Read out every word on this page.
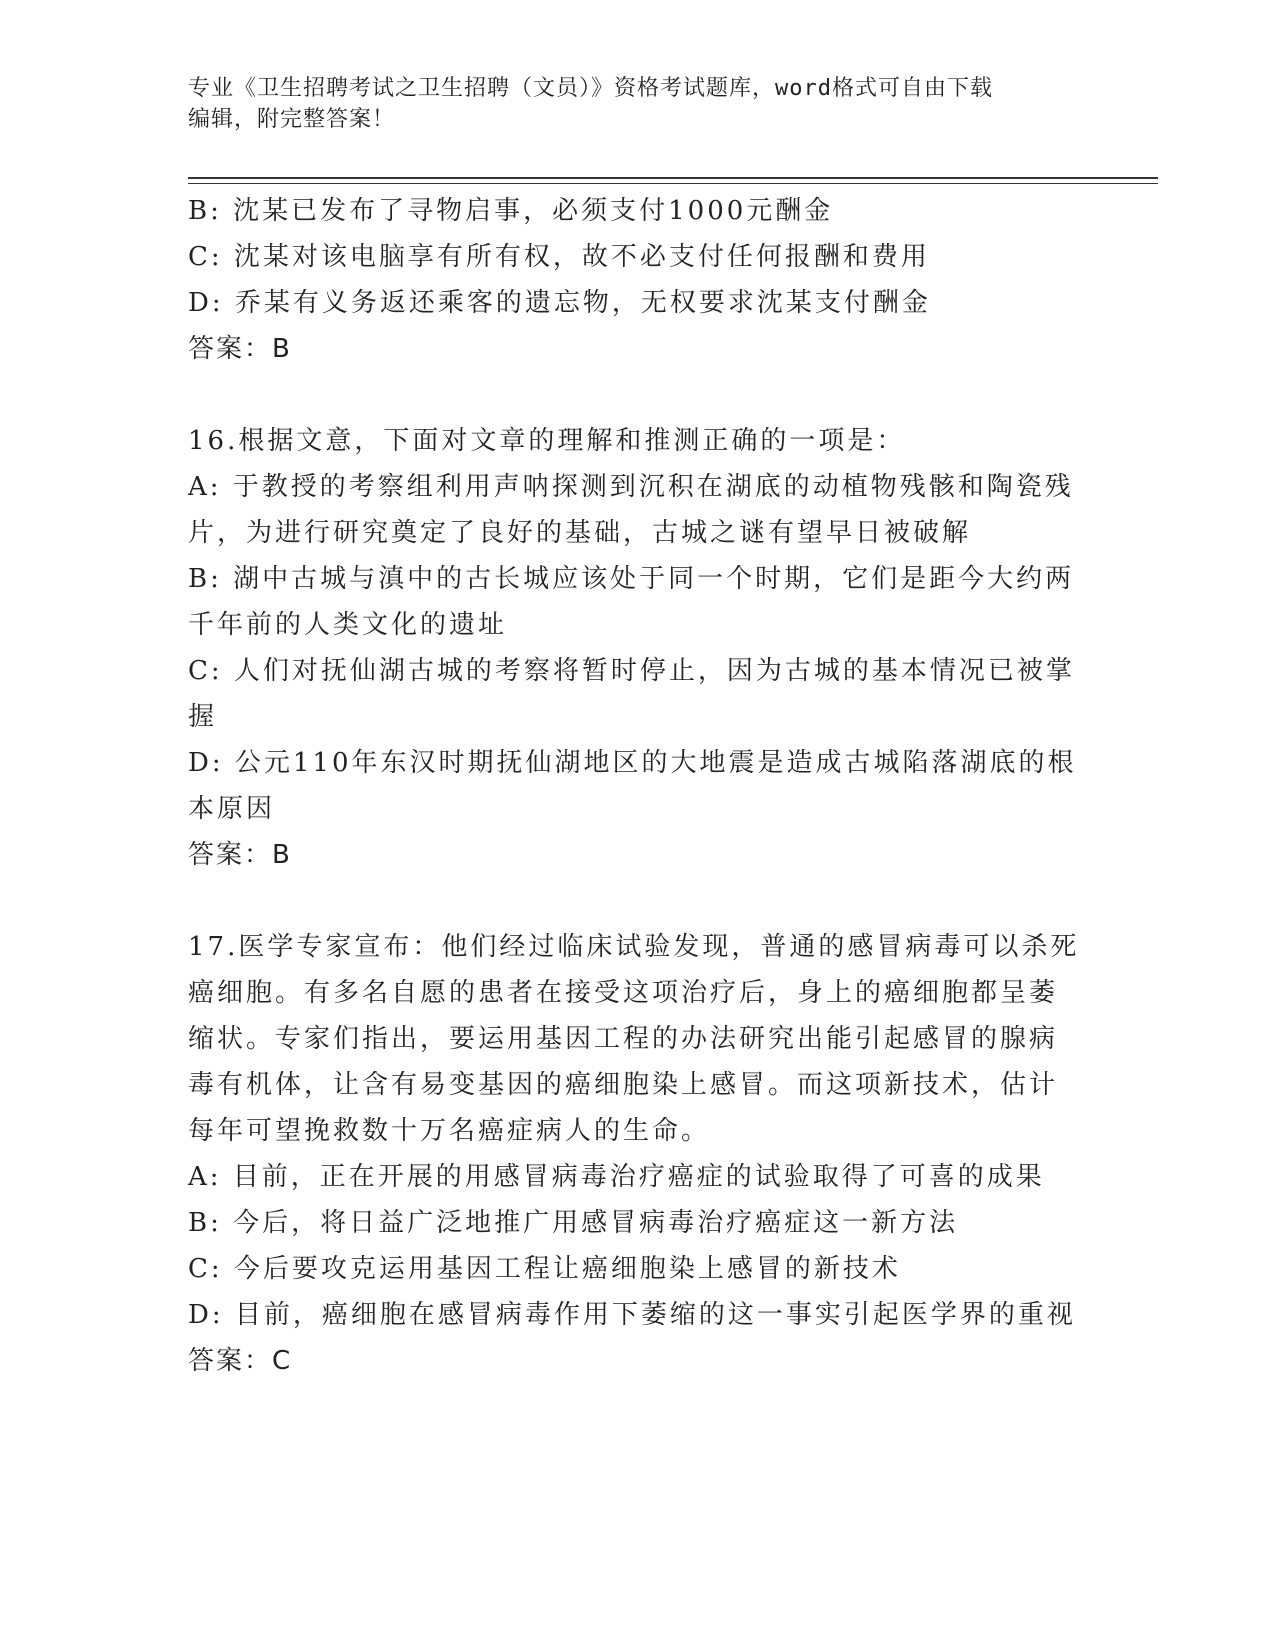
专业《卫生招聘考试之卫生招聘（文员）》资格考试题库，word格式可自由下载
编辑，附完整答案！
B: 沈某已发布了寻物启事，必须支付1000元酬金
C: 沈某对该电脑享有所有权，故不必支付任何报酬和费用
D: 乔某有义务返还乘客的遗忘物，无权要求沈某支付酬金
答案：B
16.根据文意，下面对文章的理解和推测正确的一项是：
A: 于教授的考察组利用声呐探测到沉积在湖底的动植物残骸和陶瓷残
片，为进行研究奠定了良好的基础，古城之谜有望早日被破解
B: 湖中古城与滇中的古长城应该处于同一个时期，它们是距今大约两
千年前的人类文化的遗址
C: 人们对抚仙湖古城的考察将暂时停止，因为古城的基本情况已被掌
握
D: 公元110年东汉时期抚仙湖地区的大地震是造成古城陷落湖底的根
本原因
答案：B
17.医学专家宣布：他们经过临床试验发现，普通的感冒病毒可以杀死
癌细胞。有多名自愿的患者在接受这项治疗后，身上的癌细胞都呈萎
缩状。专家们指出，要运用基因工程的办法研究出能引起感冒的腺病
毒有机体，让含有易变基因的癌细胞染上感冒。而这项新技术，估计
每年可望挽救数十万名癌症病人的生命。
A: 目前，正在开展的用感冒病毒治疗癌症的试验取得了可喜的成果
B: 今后，将日益广泛地推广用感冒病毒治疗癌症这一新方法
C: 今后要攻克运用基因工程让癌细胞染上感冒的新技术
D: 目前，癌细胞在感冒病毒作用下萎缩的这一事实引起医学界的重视
答案：C
